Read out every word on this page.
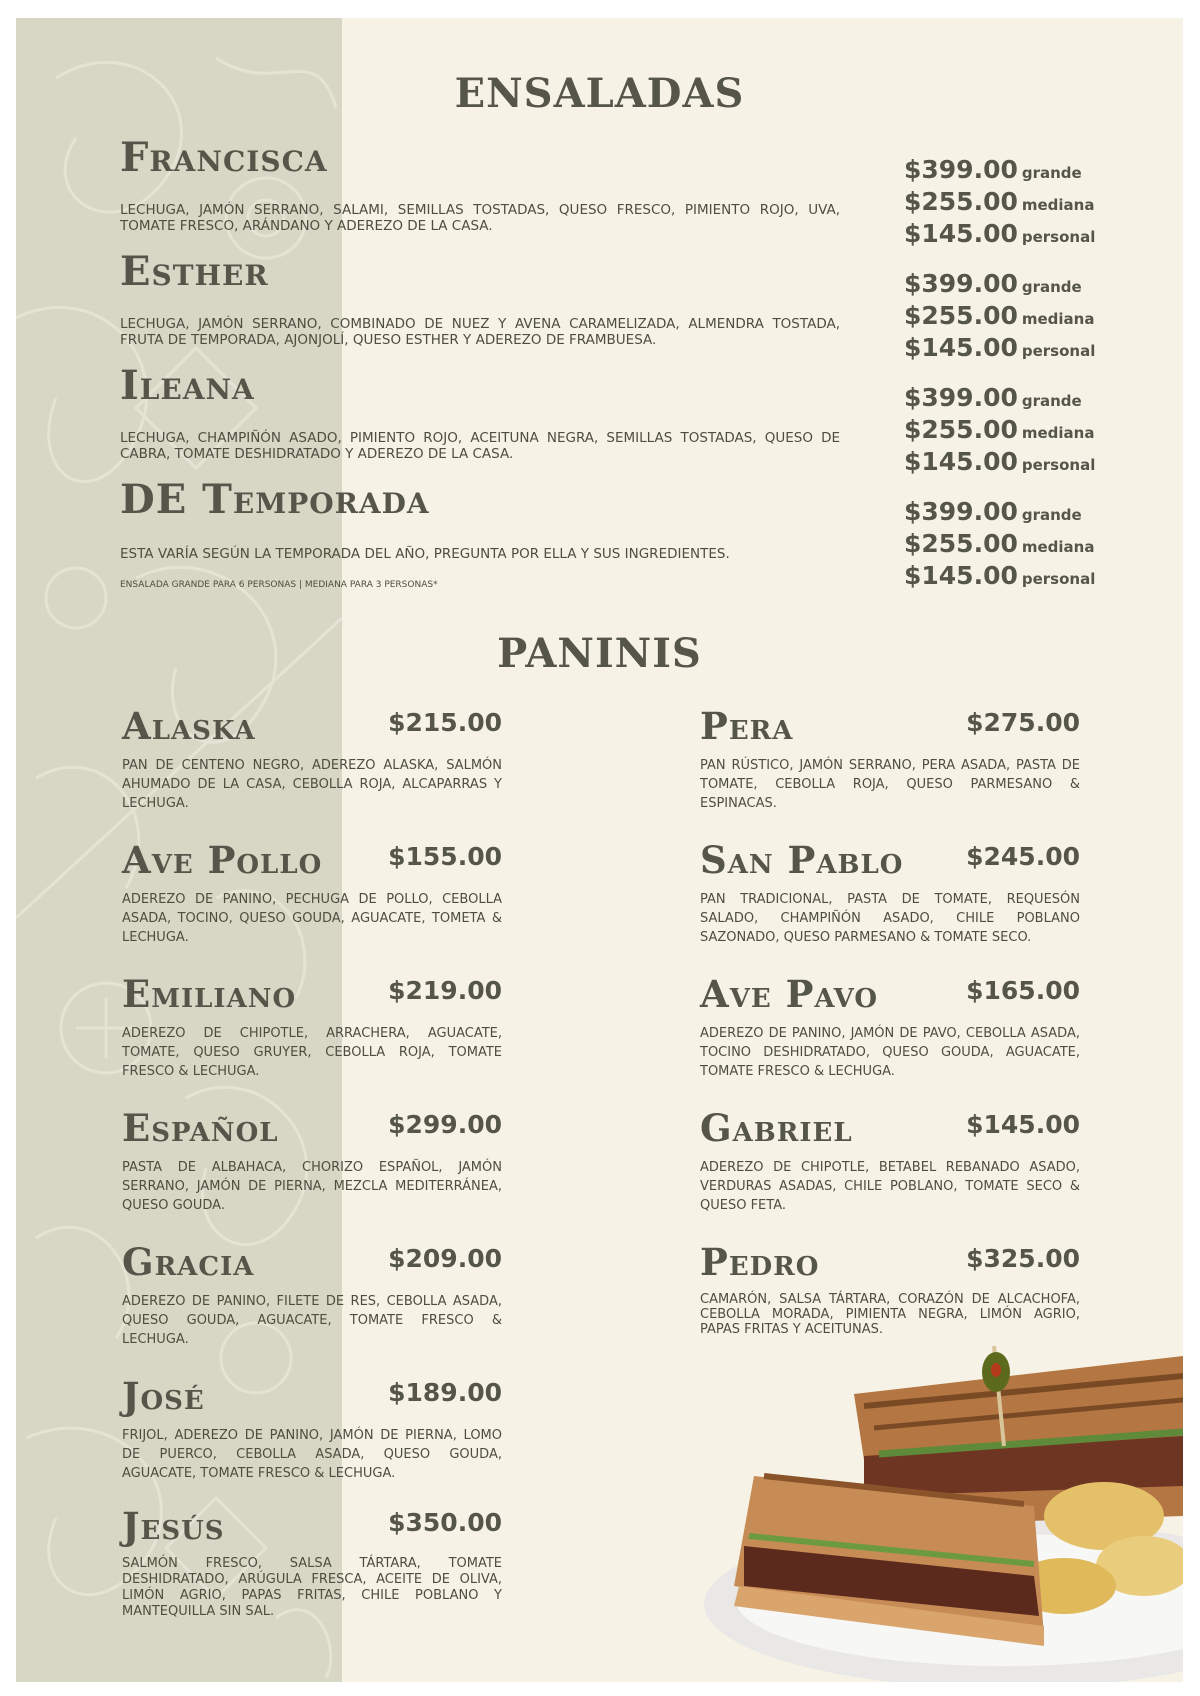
ENSALADAS
Francisca

LECHUGA, JAMÓN SERRANO, SALAMI, SEMILLAS TOSTADAS, QUESO FRESCO, PIMIENTO ROJO, UVA, TOMATE FRESCO, ARÁNDANO Y ADEREZO DE LA CASA.

$399.00 grande
$255.00 mediana
$145.00 personal
Esther

LECHUGA, JAMÓN SERRANO, COMBINADO DE NUEZ Y AVENA CARAMELIZADA, ALMENDRA TOSTADA, FRUTA DE TEMPORADA, AJONJOLÍ, QUESO ESTHER Y ADEREZO DE FRAMBUESA.

$399.00 grande
$255.00 mediana
$145.00 personal
Ileana

LECHUGA, CHAMPIÑÓN ASADO, PIMIENTO ROJO, ACEITUNA NEGRA, SEMILLAS TOSTADAS, QUESO DE CABRA, TOMATE DESHIDRATADO Y ADEREZO DE LA CASA.

$399.00 grande
$255.00 mediana
$145.00 personal
DE Temporada

ESTA VARÍA SEGÚN LA TEMPORADA DEL AÑO, PREGUNTA POR ELLA Y SUS INGREDIENTES.

ENSALADA GRANDE PARA 6 PERSONAS | MEDIANA PARA 3 PERSONAS*

$399.00 grande
$255.00 mediana
$145.00 personal
PANINIS
Alaska	$215.00

PAN DE CENTENO NEGRO, ADEREZO ALASKA, SALMÓN AHUMADO DE LA CASA, CEBOLLA ROJA, ALCAPARRAS Y LECHUGA.

Ave Pollo	$155.00

ADEREZO DE PANINO, PECHUGA DE POLLO, CEBOLLA ASADA, TOCINO, QUESO GOUDA, AGUACATE, TOMETA & LECHUGA.

Emiliano	$219.00

ADEREZO DE CHIPOTLE, ARRACHERA, AGUACATE, TOMATE, QUESO GRUYER, CEBOLLA ROJA, TOMATE FRESCO & LECHUGA.

Español	$299.00

PASTA DE ALBAHACA, CHORIZO ESPAÑOL, JAMÓN SERRANO, JAMÓN DE PIERNA, MEZCLA MEDITERRÁNEA, QUESO GOUDA.

Gracia	$209.00

ADEREZO DE PANINO, FILETE DE RES, CEBOLLA ASADA, QUESO GOUDA, AGUACATE, TOMATE FRESCO & LECHUGA.

José	$189.00

FRIJOL, ADEREZO DE PANINO, JAMÓN DE PIERNA, LOMO DE PUERCO, CEBOLLA ASADA, QUESO GOUDA, AGUACATE, TOMATE FRESCO & LECHUGA.

Jesús	$350.00

SALMÓN FRESCO, SALSA TÁRTARA, TOMATE DESHIDRATADO, ARÚGULA FRESCA, ACEITE DE OLIVA, LIMÓN AGRIO, PAPAS FRITAS, CHILE POBLANO Y MANTEQUILLA SIN SAL.

Pera	$275.00

PAN RÚSTICO, JAMÓN SERRANO, PERA ASADA, PASTA DE TOMATE, CEBOLLA ROJA, QUESO PARMESANO & ESPINACAS.

San Pablo	$245.00

PAN TRADICIONAL, PASTA DE TOMATE, REQUESÓN SALADO, CHAMPIÑÓN ASADO, CHILE POBLANO SAZONADO, QUESO PARMESANO & TOMATE SECO.

Ave Pavo	$165.00

ADEREZO DE PANINO, JAMÓN DE PAVO, CEBOLLA ASADA, TOCINO DESHIDRATADO, QUESO GOUDA, AGUACATE, TOMATE FRESCO & LECHUGA.

Gabriel	$145.00

ADEREZO DE CHIPOTLE, BETABEL REBANADO ASADO, VERDURAS ASADAS, CHILE POBLANO, TOMATE SECO & QUESO FETA.

Pedro	$325.00

CAMARÓN, SALSA TÁRTARA, CORAZÓN DE ALCACHOFA, CEBOLLA MORADA, PIMIENTA NEGRA, LIMÓN AGRIO, PAPAS FRITAS Y ACEITUNAS.
